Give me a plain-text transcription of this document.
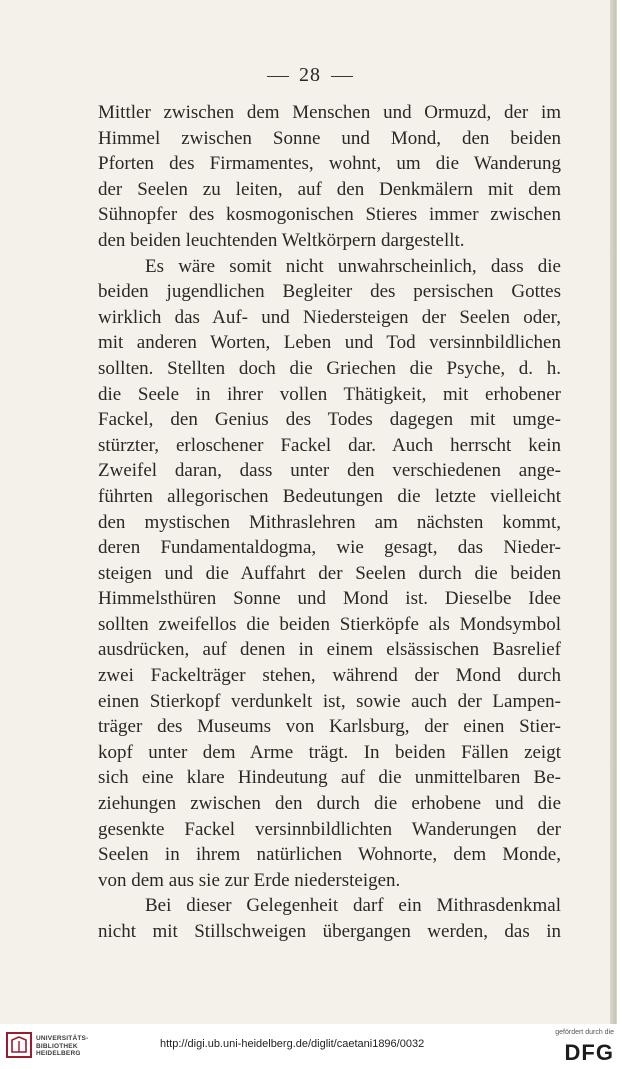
28
Mittler zwischen dem Menschen und Ormuzd, der im
Himmel zwischen Sonne und Mond, den beiden
Pforten des Firmamentes, wohnt, um die Wanderung
der Seelen zu leiten, auf den Denkmälern mit dem
Sühnopfer des kosmogonischen Stieres immer zwischen
den beiden leuchtenden Weltkörpern dargestellt.
Es wäre somit nicht unwahrscheinlich, dass die
beiden jugendlichen Begleiter des persischen Gottes
wirklich das Auf- und Niedersteigen der Seelen oder,
mit anderen Worten, Leben und Tod versinnbildlichen
sollten. Stellten doch die Griechen die Psyche, d. h.
die Seele in ihrer vollen Thätigkeit, mit erhobener
Fackel, den Genius des Todes dagegen mit umge-
stürzter, erloschener Fackel dar. Auch herrscht kein
Zweifel daran, dass unter den verschiedenen ange-
führten allegorischen Bedeutungen die letzte vielleicht
den mystischen Mithraslehren am nächsten kommt,
deren Fundamentaldogma, wie gesagt, das Nieder-
steigen und die Auffahrt der Seelen durch die beiden
Himmelsthüren Sonne und Mond ist. Dieselbe Idee
sollten zweifellos die beiden Stierköpfe als Mondsymbol
ausdrücken, auf denen in einem elsässischen Basrelief
zwei Fackelträger stehen, während der Mond durch
einen Stierkopf verdunkelt ist, sowie auch der Lampen-
träger des Museums von Karlsburg, der einen Stier-
kopf unter dem Arme trägt. In beiden Fällen zeigt
sich eine klare Hindeutung auf die unmittelbaren Be-
ziehungen zwischen den durch die erhobene und die
gesenkte Fackel versinnbildlichten Wanderungen der
Seelen in ihrem natürlichen Wohnorte, dem Monde,
von dem aus sie zur Erde niedersteigen.
Bei dieser Gelegenheit darf ein Mithrasdenkmal
nicht mit Stillschweigen übergangen werden, das in
UNIVERSITÄTS-
BIBLIOTHEK
HEIDELBERG
http://digi.ub.uni-heidelberg.de/diglit/caetani1896/0032
gefördert durch die
DFG
